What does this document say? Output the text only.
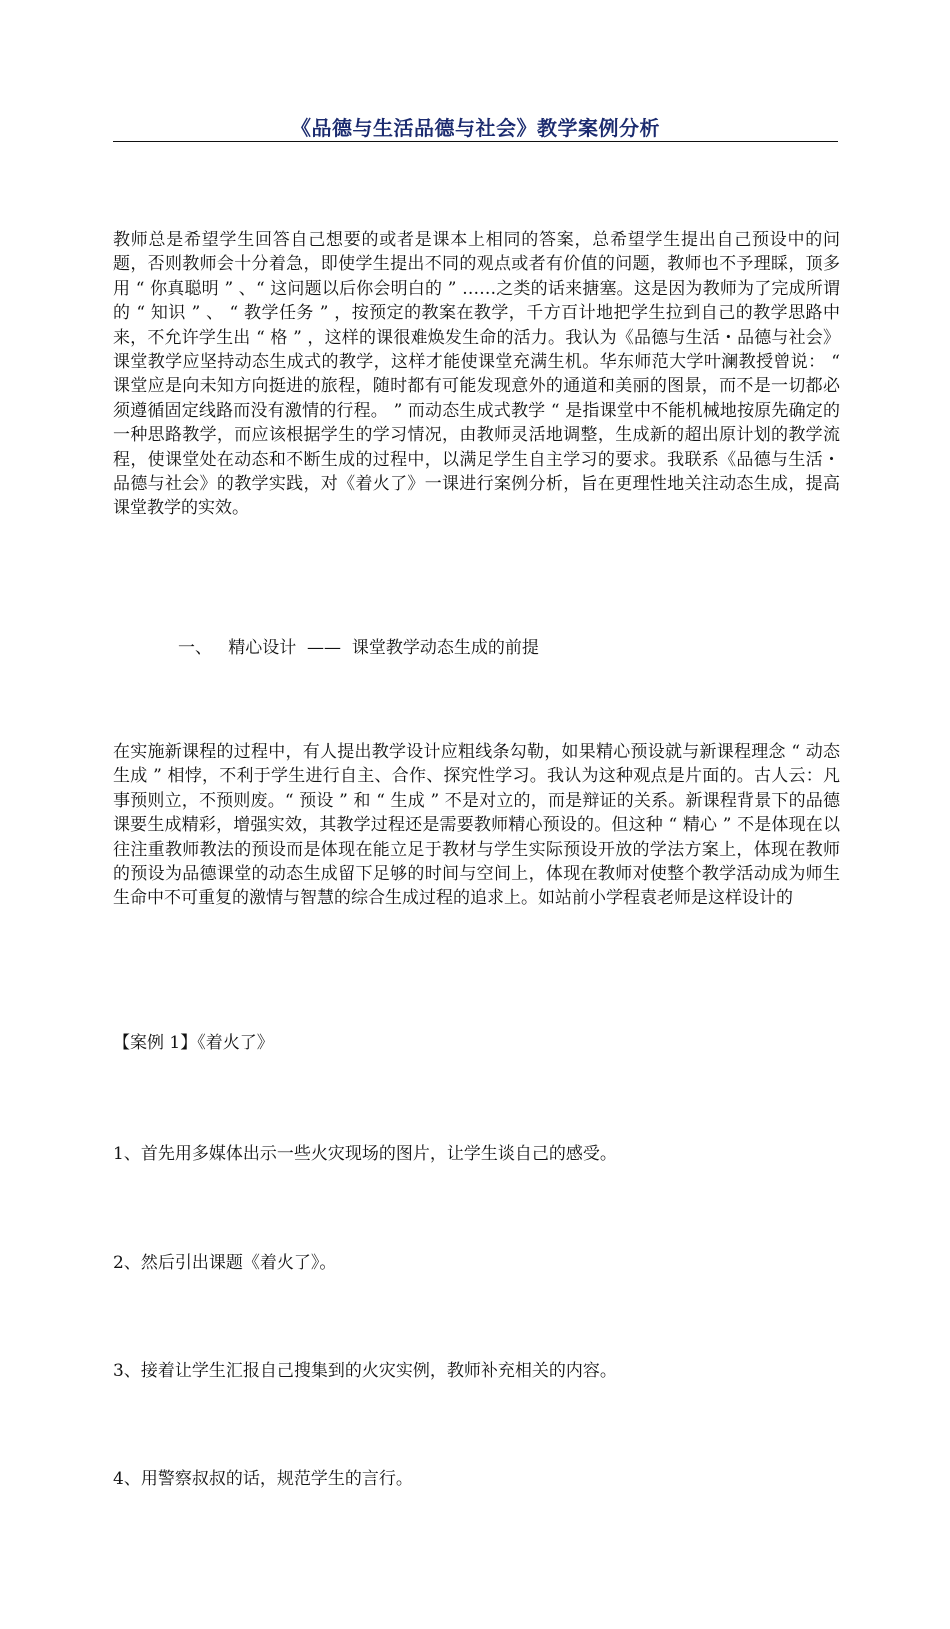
《品德与生活品德与社会》教学案例分析

教师总是希望学生回答自己想要的或者是课本上相同的答案，总希望学生提出自己预设中的问题，否则教师会十分着急，即使学生提出不同的观点或者有价值的问题，教师也不予理睬，顶多用 “ 你真聪明 ” 、“ 这问题以后你会明白的 ” ……之类的话来搪塞。这是因为教师为了完成所谓的 “ 知识 ” 、 “ 教学任务 ” ，按预定的教案在教学，千方百计地把学生拉到自己的教学思路中来，不允许学生出 “ 格 ” ，这样的课很难焕发生命的活力。我认为《品德与生活・品德与社会》课堂教学应坚持动态生成式的教学，这样才能使课堂充满生机。华东师范大学叶澜教授曾说： “ 课堂应是向未知方向挺进的旅程，随时都有可能发现意外的通道和美丽的图景，而不是一切都必须遵循固定线路而没有激情的行程。 ” 而动态生成式教学 “ 是指课堂中不能机械地按原先确定的一种思路教学，而应该根据学生的学习情况，由教师灵活地调整，生成新的超出原计划的教学流程，使课堂处在动态和不断生成的过程中，以满足学生自主学习的要求。我联系《品德与生活・品德与社会》的教学实践，对《着火了》一课进行案例分析，旨在更理性地关注动态生成，提高课堂教学的实效。

一、   精心设计  ——  课堂教学动态生成的前提

在实施新课程的过程中，有人提出教学设计应粗线条勾勒，如果精心预设就与新课程理念 “ 动态生成 ” 相悖，不利于学生进行自主、合作、探究性学习。我认为这种观点是片面的。古人云：凡事预则立，不预则废。“ 预设 ” 和 “ 生成 ” 不是对立的，而是辩证的关系。新课程背景下的品德课要生成精彩，增强实效，其教学过程还是需要教师精心预设的。但这种 “ 精心 ” 不是体现在以往注重教师教法的预设而是体现在能立足于教材与学生实际预设开放的学法方案上，体现在教师的预设为品德课堂的动态生成留下足够的时间与空间上，体现在教师对使整个教学活动成为师生生命中不可重复的激情与智慧的综合生成过程的追求上。如站前小学程袁老师是这样设计的

【案例 1】《着火了》
1、首先用多媒体出示一些火灾现场的图片，让学生谈自己的感受。
2、然后引出课题《着火了》。
3、接着让学生汇报自己搜集到的火灾实例，教师补充相关的内容。
4、用警察叔叔的话，规范学生的言行。
